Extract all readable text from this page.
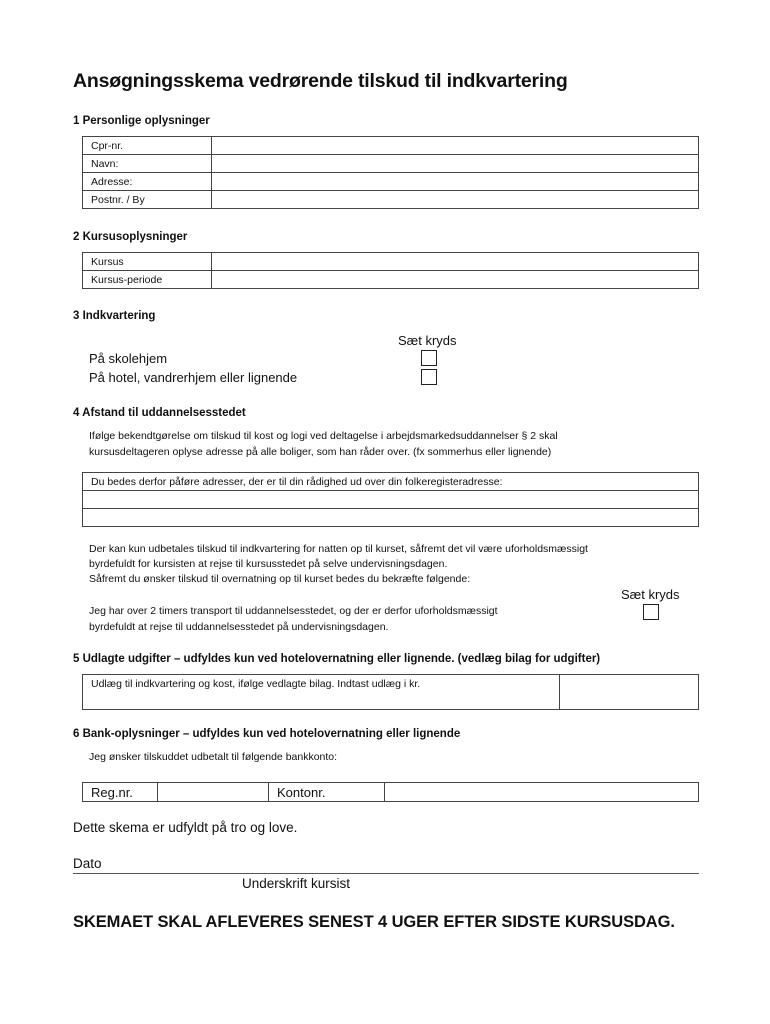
Ansøgningsskema vedrørende tilskud til indkvartering
1 Personlige oplysninger
Cpr-nr.	
Navn:	
Adresse:	
Postnr. / By	
2 Kursusoplysninger
Kursus	
Kursus-periode	
3 Indkvartering
Sæt kryds
På skolehjem
På hotel, vandrerhjem eller lignende
4 Afstand til uddannelsesstedet
Ifølge bekendtgørelse om tilskud til kost og logi ved deltagelse i arbejdsmarkedsuddannelser § 2 skal
kursusdeltageren oplyse adresse på alle boliger, som han råder over. (fx sommerhus eller lignende)
Du bedes derfor påføre adresser, der er til din rådighed ud over din folkeregisteradresse:

Der kan kun udbetales tilskud til indkvartering for natten op til kurset, såfremt det vil være uforholdsmæssigt
byrdefuldt for kursisten at rejse til kursusstedet på selve undervisningsdagen.
Såfremt du ønsker tilskud til overnatning op til kurset bedes du bekræfte følgende:
Sæt kryds
Jeg har over 2 timers transport til uddannelsesstedet, og der er derfor uforholdsmæssigt
byrdefuldt at rejse til uddannelsesstedet på undervisningsdagen.
5 Udlagte udgifter – udfyldes kun ved hotelovernatning eller lignende. (vedlæg bilag for udgifter)
Udlæg til indkvartering og kost, ifølge vedlagte bilag. Indtast udlæg i kr.	
6 Bank-oplysninger – udfyldes kun ved hotelovernatning eller lignende
Jeg ønsker tilskuddet udbetalt til følgende bankkonto:
Reg.nr.		Kontonr.	
Dette skema er udfyldt på tro og love.
Dato
Underskrift kursist
SKEMAET SKAL AFLEVERES SENEST 4 UGER EFTER SIDSTE KURSUSDAG.
